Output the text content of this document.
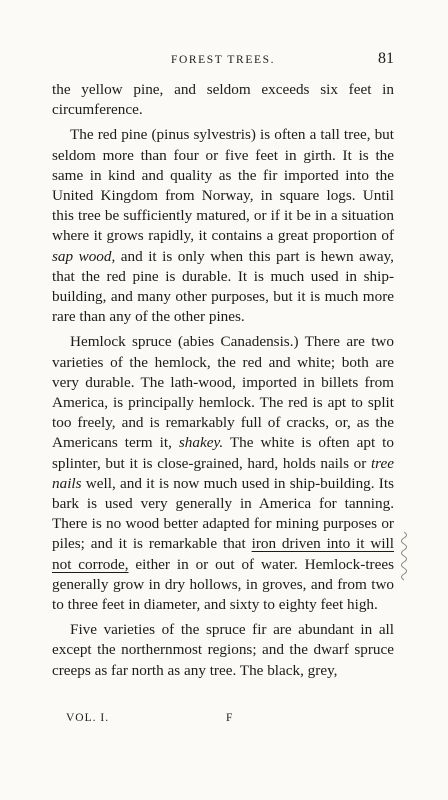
FOREST TREES.	81

the yellow pine, and seldom exceeds six feet in circumference.

The red pine (pinus sylvestris) is often a tall tree, but seldom more than four or five feet in girth. It is the same in kind and quality as the fir imported into the United Kingdom from Norway, in square logs. Until this tree be sufficiently matured, or if it be in a situation where it grows rapidly, it contains a great proportion of sap wood, and it is only when this part is hewn away, that the red pine is durable. It is much used in ship-building, and many other purposes, but it is much more rare than any of the other pines.

Hemlock spruce (abies Canadensis.) There are two varieties of the hemlock, the red and white; both are very durable. The lath-wood, imported in billets from America, is principally hemlock. The red is apt to split too freely, and is remarkably full of cracks, or, as the Americans term it, shakey. The white is often apt to splinter, but it is close-grained, hard, holds nails or tree nails well, and it is now much used in ship-building. Its bark is used very generally in America for tanning. There is no wood better adapted for mining purposes or piles; and it is remarkable that iron driven into it will not corrode, either in or out of water. Hemlock-trees generally grow in dry hollows, in groves, and from two to three feet in diameter, and sixty to eighty feet high.

Five varieties of the spruce fir are abundant in all except the northernmost regions; and the dwarf spruce creeps as far north as any tree. The black, grey,

VOL. I.	F
